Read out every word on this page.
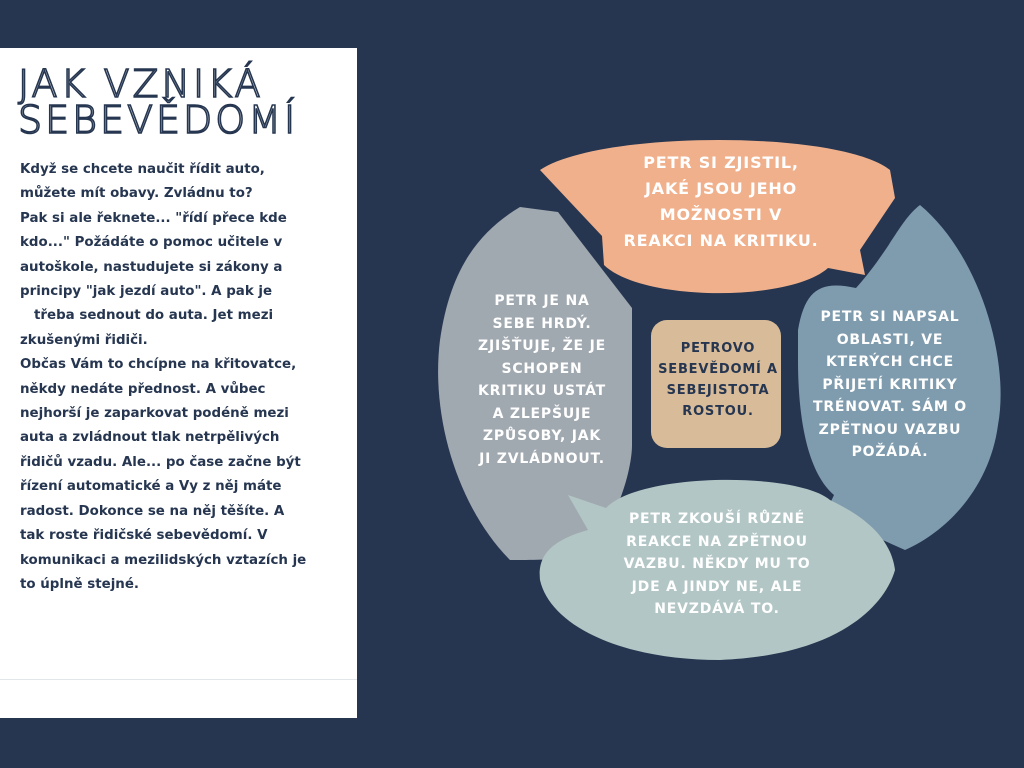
JAK VZNIKÁ
SEBEVĚDOMÍ
Když se chcete naučit řídit auto,
můžete mít obavy. Zvládnu to?
Pak si ale řeknete... "řídí přece kde
kdo..." Požádáte o pomoc učitele v
autoškole, nastudujete si zákony a
principy "jak jezdí auto". A pak je
třeba sednout do auta. Jet mezi
zkušenými řidiči.
Občas Vám to chcípne na křitovatce,
někdy nedáte přednost. A vůbec
nejhorší je zaparkovat podéně mezi
auta a zvládnout tlak netrpělivých
řidičů vzadu. Ale... po čase začne být
řízení automatické a Vy z něj máte
radost. Dokonce se na něj těšíte. A
tak roste řidičské sebevědomí. V
komunikaci a mezilidských vztazích je
to úplně stejné.
PETR SI ZJISTIL,
JAKÉ JSOU JEHO
MOŽNOSTI V
REAKCI NA KRITIKU.
PETR JE NA
SEBE HRDÝ.
ZJIŠŤUJE, ŽE JE
SCHOPEN
KRITIKU USTÁT
A ZLEPŠUJE
ZPŮSOBY, JAK
JI ZVLÁDNOUT.
PETR SI NAPSAL
OBLASTI, VE
KTERÝCH CHCE
PŘIJETÍ KRITIKY
TRÉNOVAT. SÁM O
ZPĚTNOU VAZBU
POŽÁDÁ.
PETR ZKOUŠÍ RŮZNÉ
REAKCE NA ZPĚTNOU
VAZBU. NĚKDY MU TO
JDE A JINDY NE, ALE
NEVZDÁVÁ TO.
PETROVO
SEBEVĚDOMÍ A
SEBEJISTOTA
ROSTOU.
